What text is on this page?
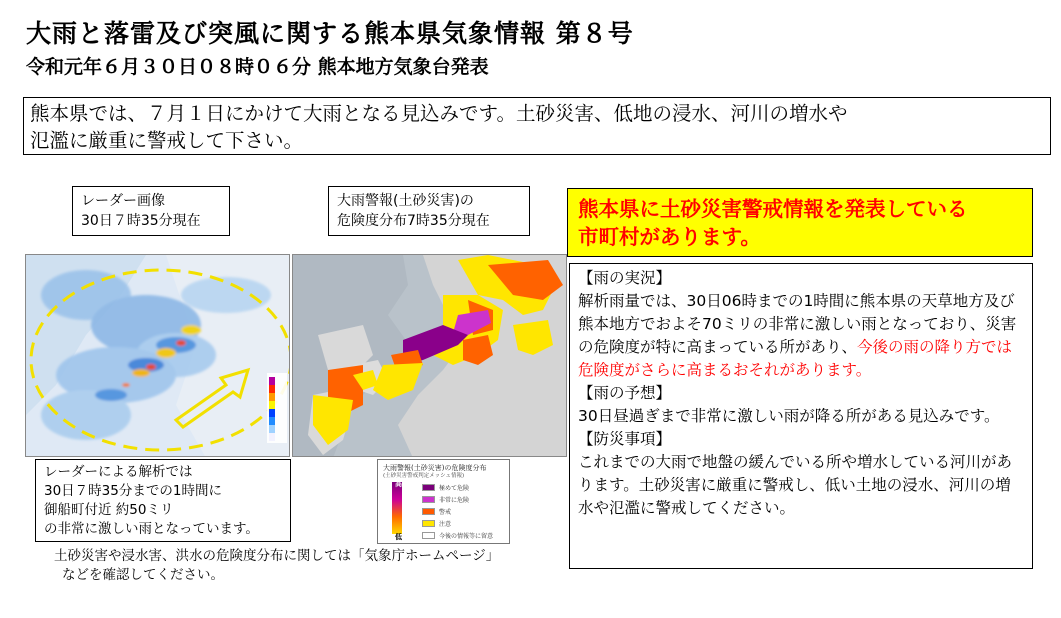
大雨と落雷及び突風に関する熊本県気象情報 第８号
令和元年６月３０日０８時０６分 熊本地方気象台発表
熊本県では、７月１日にかけて大雨となる見込みです。土砂災害、低地の浸水、河川の増水や
氾濫に厳重に警戒して下さい。
レーダー画像
30日７時35分現在
大雨警報(土砂災害)の
危険度分布7時35分現在	熊本県に土砂災害警戒情報を発表している
市町村があります。

【雨の実況】

解析雨量では、30日06時までの1時間に熊本県の天草地方及び熊本地方でおよそ70ミリの非常に激しい雨となっており、災害の危険度が特に高まっている所があり、今後の雨の降り方では危険度がさらに高まるおそれがあります。

【雨の予想】

30日昼過ぎまで非常に激しい雨が降る所がある見込みです。

【防災事項】

これまでの大雨で地盤の緩んでいる所や増水している河川があります。土砂災害に厳重に警戒し、低い土地の浸水、河川の増水や氾濫に警戒してください。

レーダーによる解析では
30日７時35分までの1時間に
御船町付近 約50ミリ
の非常に激しい雨となっています。
大雨警報(土砂災害)の危険度分布
(土砂災害警戒判定メッシュ情報)
高
低
極めて危険
非常に危険
警戒
注意
今後の情報等に留意
土砂災害や浸水害、洪水の危険度分布に関しては「気象庁ホームページ」
などを確認してください。
